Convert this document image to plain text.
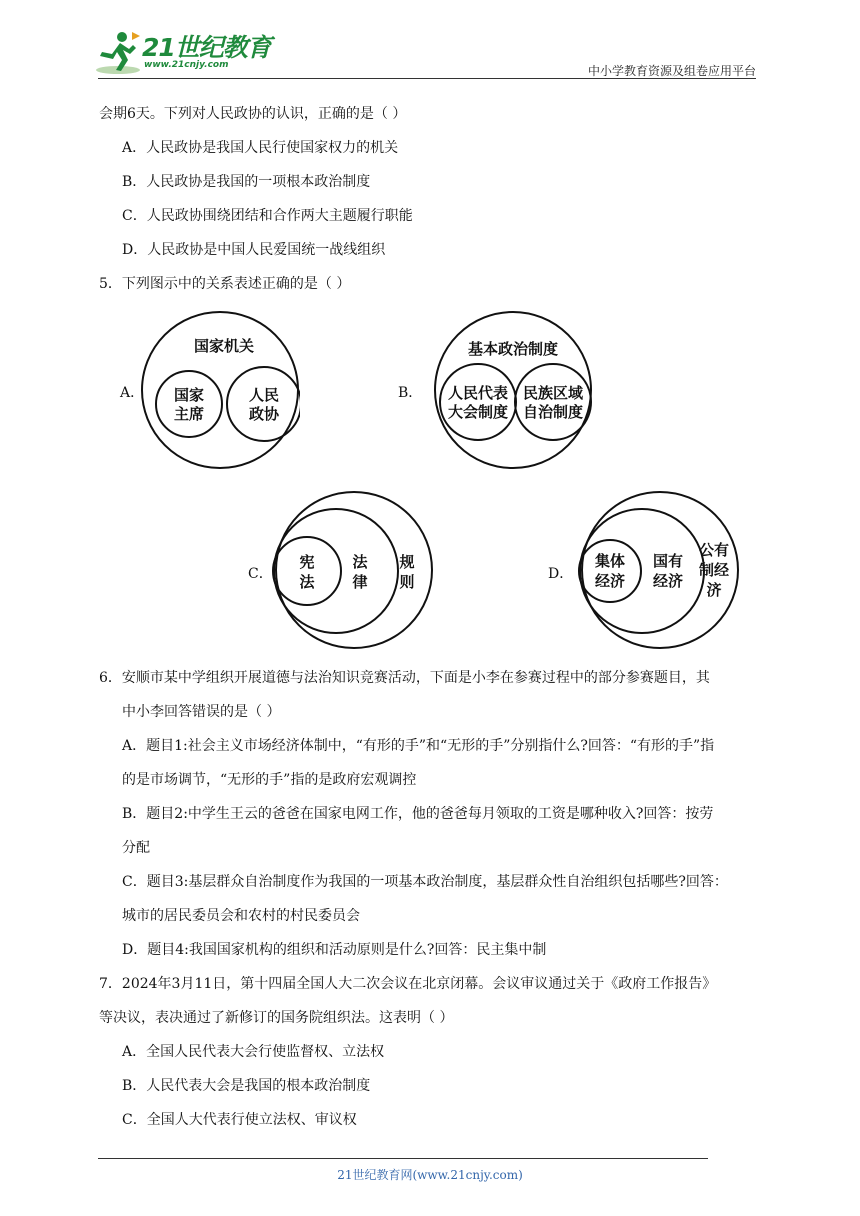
21世纪教育
www.21cnjy.com	中小学教育资源及组卷应用平台
会期6天。下列对人民政协的认识，正确的是（ ）
A．人民政协是我国人民行使国家权力的机关
B．人民政协是我国的一项根本政治制度
C．人民政协围绕团结和合作两大主题履行职能
D．人民政协是中国人民爱国统一战线组织
5．下列图示中的关系表述正确的是（ ）
A．
国家机关
国家
主席
人民
政协
B．
基本政治制度
人民代表
大会制度
民族区域
自治制度
C．
宪
法
法
律
规
则	D．
集体
经济
国有
经济
公有
制经
济
6．安顺市某中学组织开展道德与法治知识竞赛活动，下面是小李在参赛过程中的部分参赛题目，其
中小李回答错误的是（ ）
A．题目1:社会主义市场经济体制中，“有形的手”和“无形的手”分别指什么?回答：“有形的手”指
的是市场调节，“无形的手”指的是政府宏观调控
B．题目2:中学生王云的爸爸在国家电网工作，他的爸爸每月领取的工资是哪种收入?回答：按劳
分配
C．题目3:基层群众自治制度作为我国的一项基本政治制度，基层群众性自治组织包括哪些?回答：
城市的居民委员会和农村的村民委员会
D．题目4:我国国家机构的组织和活动原则是什么?回答：民主集中制
7．2024年3月11日，第十四届全国人大二次会议在北京闭幕。会议审议通过关于《政府工作报告》
等决议，表决通过了新修订的国务院组织法。这表明（ ）
A．全国人民代表大会行使监督权、立法权
B．人民代表大会是我国的根本政治制度
C．全国人大代表行使立法权、审议权
21世纪教育网(www.21cnjy.com)
